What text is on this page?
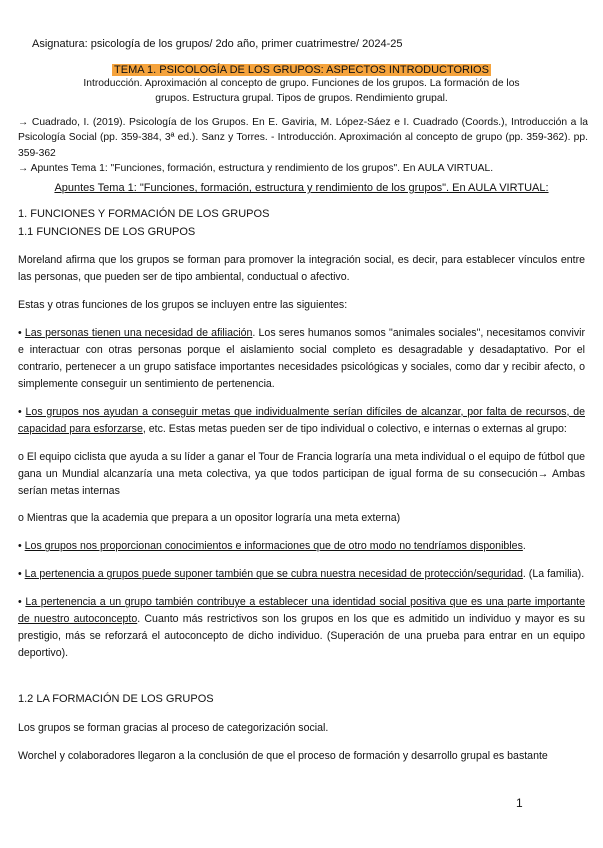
Asignatura: psicología de los grupos/ 2do año, primer cuatrimestre/ 2024-25
TEMA 1. PSICOLOGÍA DE LOS GRUPOS: ASPECTOS INTRODUCTORIOS
Introducción. Aproximación al concepto de grupo. Funciones de los grupos. La formación de los grupos. Estructura grupal. Tipos de grupos. Rendimiento grupal.

→ Cuadrado, I. (2019). Psicología de los Grupos. En E. Gaviria, M. López-Sáez e I. Cuadrado (Coords.), Introducción a la Psicología Social (pp. 359-384, 3ª ed.). Sanz y Torres. - Introducción. Aproximación al concepto de grupo (pp. 359-362). pp. 359-362

→ Apuntes Tema 1: "Funciones, formación, estructura y rendimiento de los grupos". En AULA VIRTUAL.

Apuntes Tema 1: "Funciones, formación, estructura y rendimiento de los grupos". En AULA VIRTUAL:

1. FUNCIONES Y FORMACIÓN DE LOS GRUPOS

1.1 FUNCIONES DE LOS GRUPOS

Moreland afirma que los grupos se forman para promover la integración social, es decir, para establecer vínculos entre las personas, que pueden ser de tipo ambiental, conductual o afectivo.

Estas y otras funciones de los grupos se incluyen entre las siguientes:

• Las personas tienen una necesidad de afiliación. Los seres humanos somos "animales sociales", necesitamos convivir e interactuar con otras personas porque el aislamiento social completo es desagradable y desadaptativo. Por el contrario, pertenecer a un grupo satisface importantes necesidades psicológicas y sociales, como dar y recibir afecto, o simplemente conseguir un sentimiento de pertenencia.

• Los grupos nos ayudan a conseguir metas que individualmente serían difíciles de alcanzar, por falta de recursos, de capacidad para esforzarse, etc. Estas metas pueden ser de tipo individual o colectivo, e internas o externas al grupo:

o El equipo ciclista que ayuda a su líder a ganar el Tour de Francia lograría una meta individual o el equipo de fútbol que gana un Mundial alcanzaría una meta colectiva, ya que todos participan de igual forma de su consecución→ Ambas serían metas internas

o Mientras que la academia que prepara a un opositor lograría una meta externa)

• Los grupos nos proporcionan conocimientos e informaciones que de otro modo no tendríamos disponibles.

• La pertenencia a grupos puede suponer también que se cubra nuestra necesidad de protección/seguridad. (La familia).

• La pertenencia a un grupo también contribuye a establecer una identidad social positiva que es una parte importante de nuestro autoconcepto. Cuanto más restrictivos son los grupos en los que es admitido un individuo y mayor es su prestigio, más se reforzará el autoconcepto de dicho individuo. (Superación de una prueba para entrar en un equipo deportivo).

1.2 LA FORMACIÓN DE LOS GRUPOS

Los grupos se forman gracias al proceso de categorización social.

Worchel y colaboradores llegaron a la conclusión de que el proceso de formación y desarrollo grupal es bastante

1
